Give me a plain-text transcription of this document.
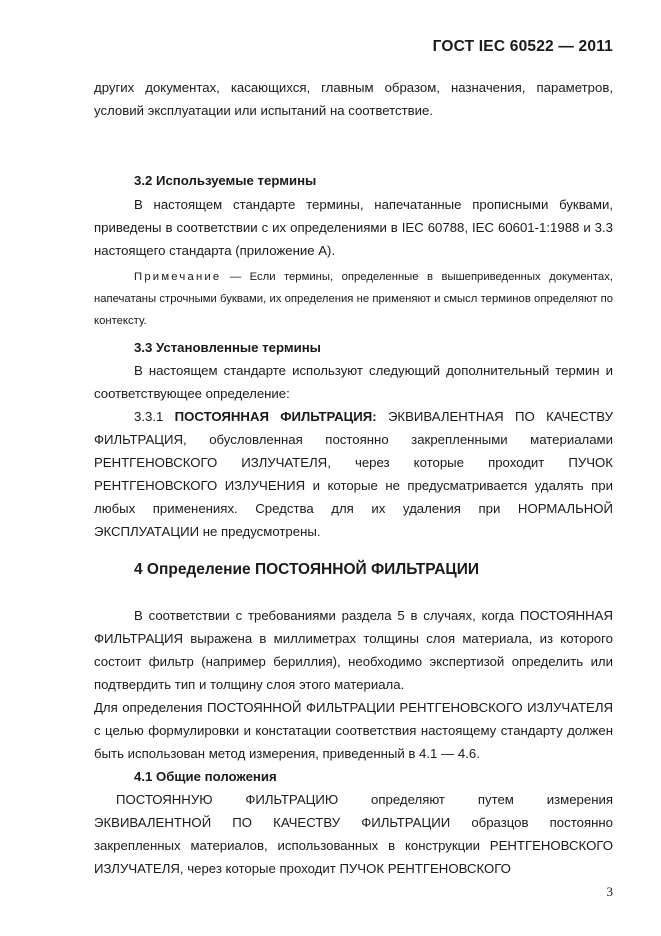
ГОСТ IEC 60522 — 2011

других документах, касающихся, главным образом, назначения, параметров, условий эксплуатации или испытаний на соответствие.

3.2 Используемые термины

В настоящем стандарте термины, напечатанные прописными буквами, приведены в соответствии с их определениями в IEC 60788, IEC 60601-1:1988 и 3.3 настоящего стандарта (приложение А).

Примечание — Если термины, определенные в вышеприведенных документах, напечатаны строчными буквами, их определения не применяют и смысл терминов определяют по контексту.

3.3 Установленные термины

В настоящем стандарте используют следующий дополнительный термин и соответствующее определение:

3.3.1 ПОСТОЯННАЯ ФИЛЬТРАЦИЯ: ЭКВИВАЛЕНТНАЯ ПО КАЧЕСТВУ ФИЛЬТРАЦИЯ, обусловленная постоянно закрепленными материалами РЕНТГЕНОВСКОГО ИЗЛУЧАТЕЛЯ, через которые проходит ПУЧОК РЕНТГЕНОВСКОГО ИЗЛУЧЕНИЯ и которые не предусматривается удалять при любых применениях. Средства для их удаления при НОРМАЛЬНОЙ ЭКСПЛУАТАЦИИ не предусмотрены.

4 Определение ПОСТОЯННОЙ ФИЛЬТРАЦИИ

В соответствии с требованиями раздела 5 в случаях, когда ПОСТОЯННАЯ ФИЛЬТРАЦИЯ выражена в миллиметрах толщины слоя материала, из которого состоит фильтр (например бериллия), необходимо экспертизой определить или подтвердить тип и толщину слоя этого материала.

Для определения ПОСТОЯННОЙ ФИЛЬТРАЦИИ РЕНТГЕНОВСКОГО ИЗЛУЧАТЕЛЯ с целью формулировки и констатации соответствия настоящему стандарту должен быть использован метод измерения, приведенный в 4.1 — 4.6.

4.1 Общие положения

ПОСТОЯННУЮ ФИЛЬТРАЦИЮ определяют путем измерения ЭКВИВАЛЕНТНОЙ ПО КАЧЕСТВУ ФИЛЬТРАЦИИ образцов постоянно закрепленных материалов, использованных в конструкции РЕНТГЕНОВСКОГО ИЗЛУЧАТЕЛЯ, через которые проходит ПУЧОК РЕНТГЕНОВСКОГО

3
